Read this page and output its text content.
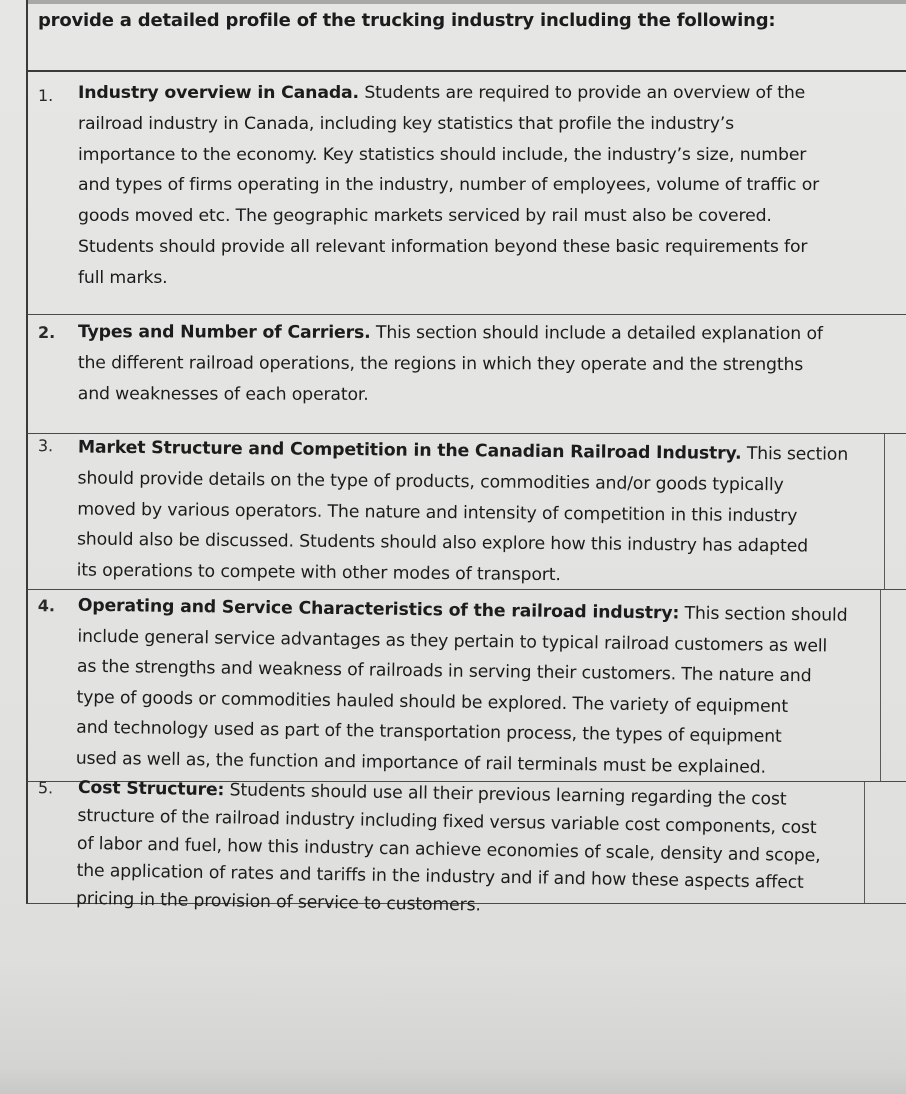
provide a detailed profile of the trucking industry including the following:
1. Industry overview in Canada. Students are required to provide an overview of the
railroad industry in Canada, including key statistics that profile the industry’s
importance to the economy. Key statistics should include, the industry’s size, number
and types of firms operating in the industry, number of employees, volume of traffic or
goods moved etc. The geographic markets serviced by rail must also be covered.
Students should provide all relevant information beyond these basic requirements for
full marks.
2. Types and Number of Carriers. This section should include a detailed explanation of
the different railroad operations, the regions in which they operate and the strengths
and weaknesses of each operator.
3. Market Structure and Competition in the Canadian Railroad Industry. This section
should provide details on the type of products, commodities and/or goods typically
moved by various operators. The nature and intensity of competition in this industry
should also be discussed. Students should also explore how this industry has adapted
its operations to compete with other modes of transport.
4. Operating and Service Characteristics of the railroad industry: This section should
include general service advantages as they pertain to typical railroad customers as well
as the strengths and weakness of railroads in serving their customers. The nature and
type of goods or commodities hauled should be explored. The variety of equipment
and technology used as part of the transportation process, the types of equipment
used as well as, the function and importance of rail terminals must be explained.
5. Cost Structure: Students should use all their previous learning regarding the cost
structure of the railroad industry including fixed versus variable cost components, cost
of labor and fuel, how this industry can achieve economies of scale, density and scope,
the application of rates and tariffs in the industry and if and how these aspects affect
pricing in the provision of service to customers.
